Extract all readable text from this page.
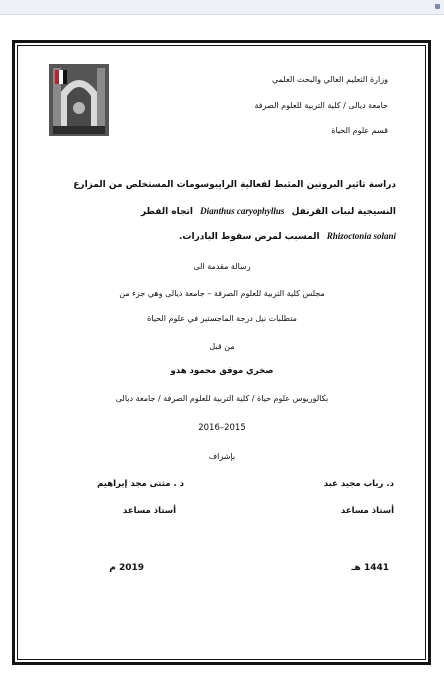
وزارة التعليم العالي والبحث العلمي
جامعة ديالى / كلية التربية للعلوم الصرفة
قسم علوم الحياة
دراسة تأثير البروتين المثبط لفعالية الرايبوسومات المستخلص من المزارع
النسيجية لنبات القرنفل Dianthus caryophyllus اتجاه الفطر
Rhizoctonia solani المسبب لمرض سقوط البادرات.
رسالة مقدمة الى
مجلس كلية التربية للعلوم الصرفة – جامعة ديالى وهي جزء من
متطلبات نيل درجة الماجستير في علوم الحياة
من قبل
صخري موفق محمود هدو
بكالوريوس علوم حياة / كلية التربية للعلوم الصرفة / جامعة ديالى
2016–2015
بإشراف
د. رباب مجيد عبد
أستاذ مساعد
د . مثنى مجد إبراهيم
أستاذ مساعد
1441 هـ
2019 م
